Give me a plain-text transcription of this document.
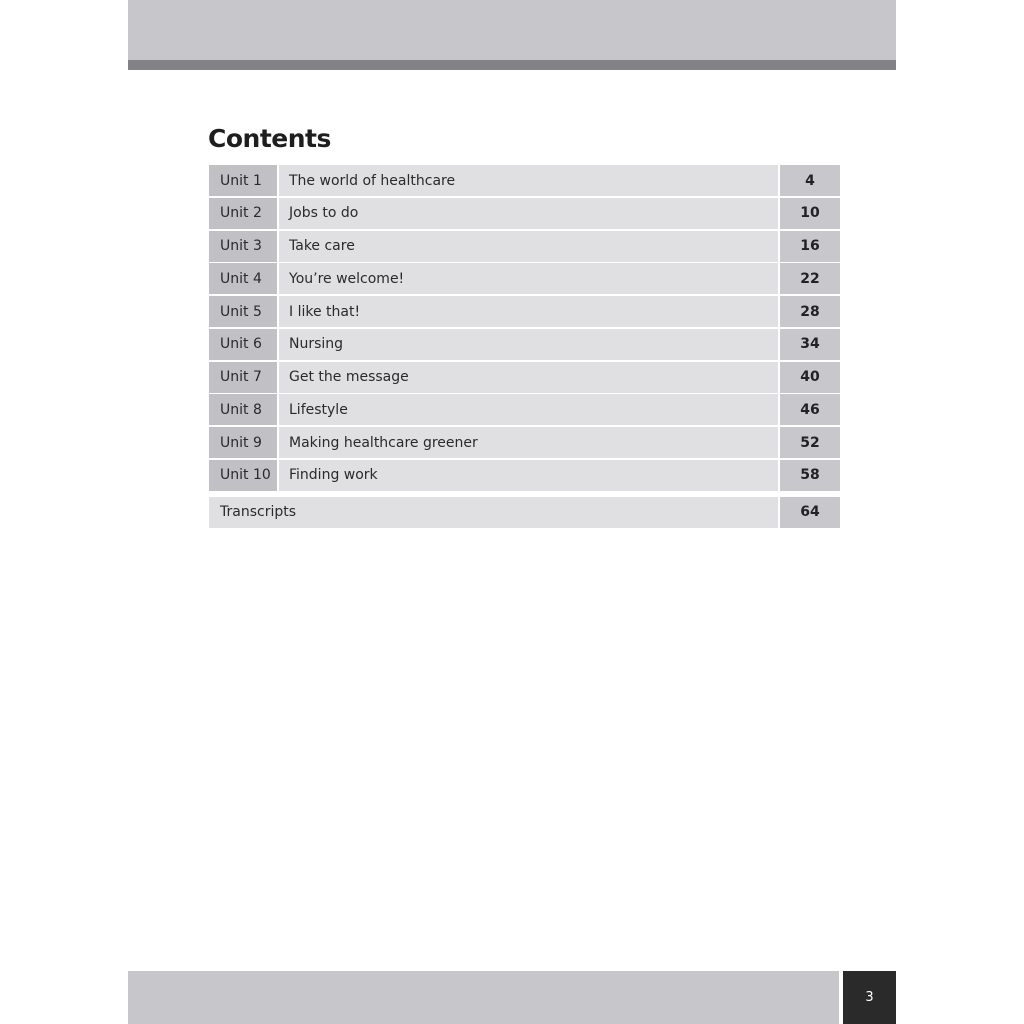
Contents
Unit 1	The world of healthcare	4
Unit 2	Jobs to do	10
Unit 3	Take care	16
Unit 4	You’re welcome!	22
Unit 5	I like that!	28
Unit 6	Nursing	34
Unit 7	Get the message	40
Unit 8	Lifestyle	46
Unit 9	Making healthcare greener	52
Unit 10	Finding work	58
Transcripts	64
3
